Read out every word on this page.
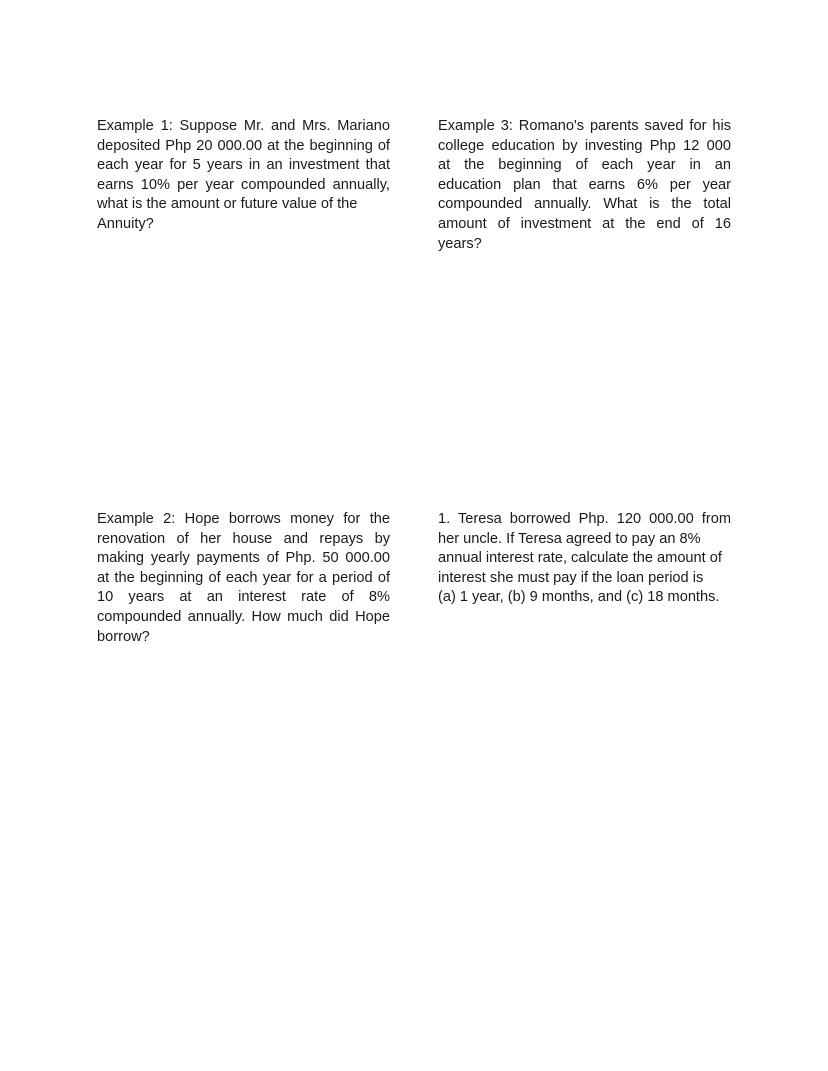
Example 1: Suppose Mr. and Mrs. Mariano
deposited Php 20 000.00 at the beginning of
each year for 5 years in an investment that
earns 10% per year compounded annually,
what is the amount or future value of the
Annuity?
Example 3: Romano's parents saved for his
college education by investing Php 12 000
at the beginning of each year in an
education plan that earns 6% per year
compounded annually. What is the total
amount of investment at the end of 16
years?
Example 2: Hope borrows money for the
renovation of her house and repays by
making yearly payments of Php. 50 000.00
at the beginning of each year for a period of
10 years at an interest rate of 8%
compounded annually. How much did Hope
borrow?
1. Teresa borrowed Php. 120 000.00 from
her uncle. If Teresa agreed to pay an 8%
annual interest rate, calculate the amount of
interest she must pay if the loan period is
(a) 1 year, (b) 9 months, and (c) 18 months.
